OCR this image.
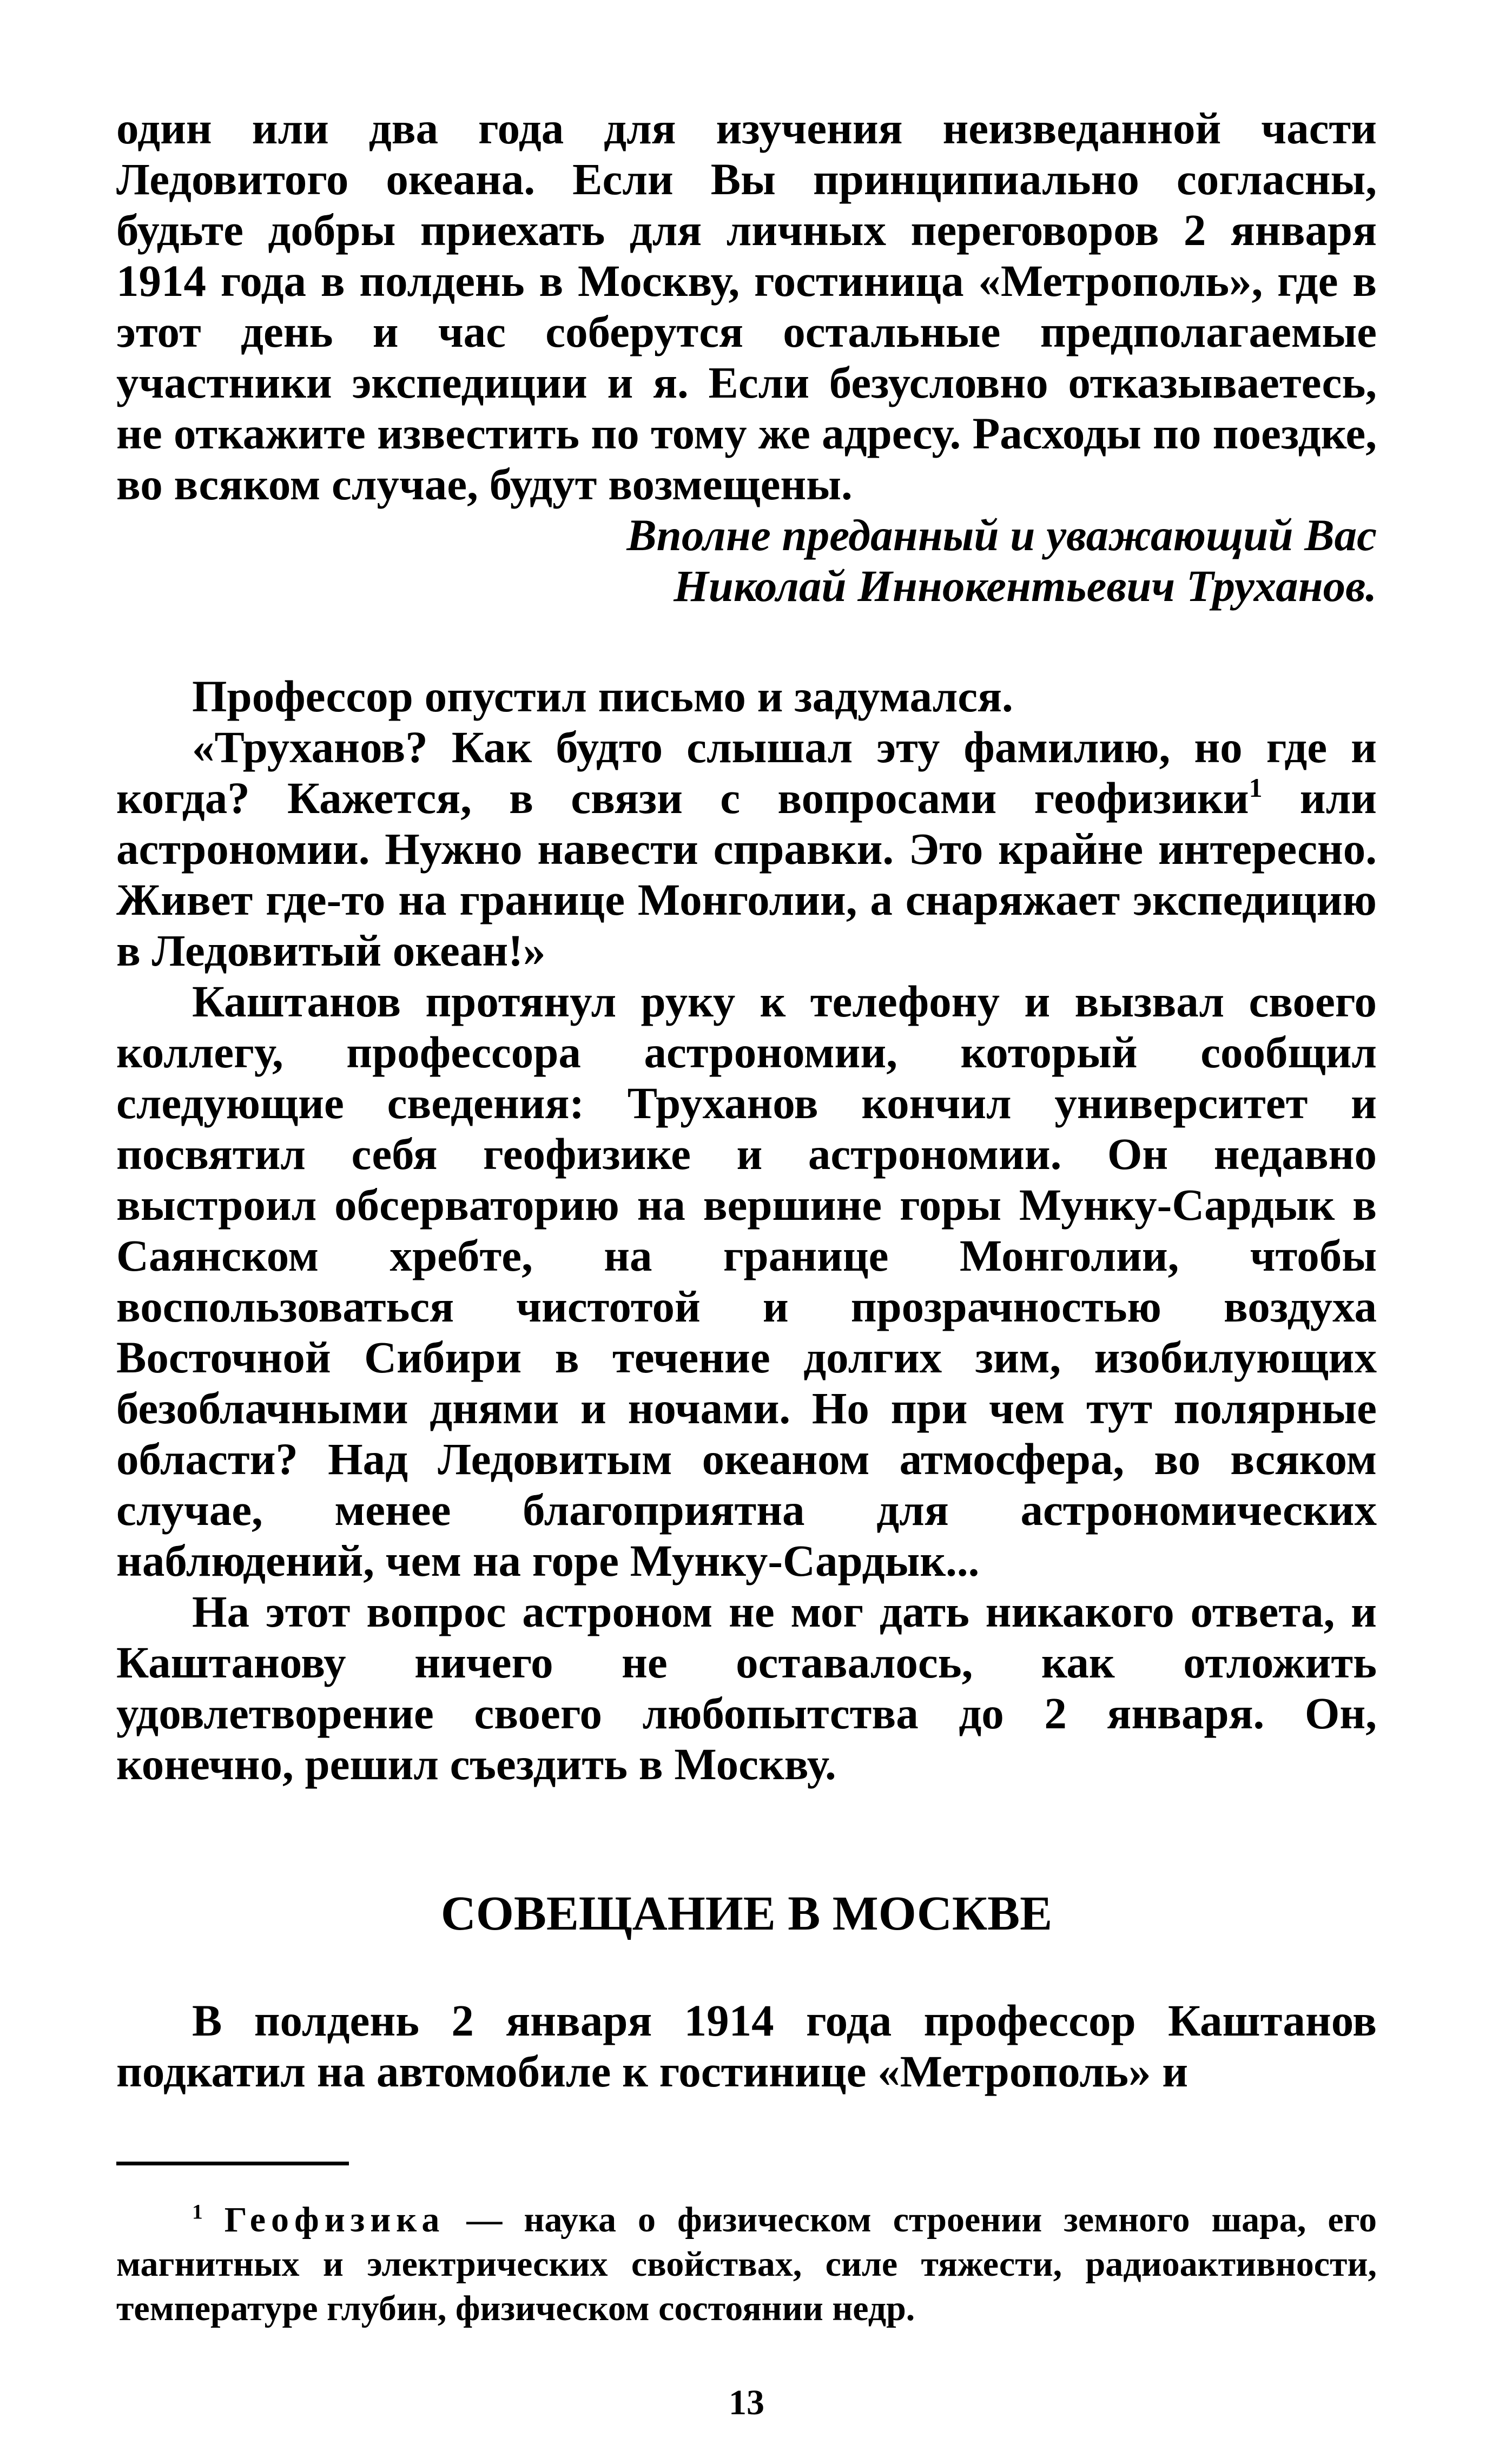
один или два года для изучения неизведанной части Ледовитого океана. Если Вы принципиально согласны, будьте добры приехать для личных переговоров 2 января 1914 года в полдень в Москву, гостиница «Метрополь», где в этот день и час соберутся остальные предполагаемые участники экспедиции и я. Если безусловно отказываетесь, не откажите известить по тому же адресу. Расходы по поездке, во всяком случае, будут возмещены.

Вполне преданный и уважающий Вас

Николай Иннокентьевич Труханов.

Профессор опустил письмо и задумался.

«Труханов? Как будто слышал эту фамилию, но где и когда? Кажется, в связи с вопросами геофизики$^1$ или астрономии. Нужно навести справки. Это крайне интересно. Живет где-то на границе Монголии, а снаряжает экспедицию в Ледовитый океан!»

Каштанов протянул руку к телефону и вызвал своего коллегу, профессора астрономии, который сообщил следующие сведения: Труханов кончил университет и посвятил себя геофизике и астрономии. Он недавно выстроил обсерваторию на вершине горы Мунку-Сардык в Саянском хребте, на границе Монголии, чтобы воспользоваться чистотой и прозрачностью воздуха Восточной Сибири в течение долгих зим, изобилующих безоблачными днями и ночами. Но при чем тут полярные области? Над Ледовитым океаном атмосфера, во всяком случае, менее благоприятна для астрономических наблюдений, чем на горе Мунку-Сардык...

На этот вопрос астроном не мог дать никакого ответа, и Каштанову ничего не оставалось, как отложить удовлетворение своего любопытства до 2 января. Он, конечно, решил съездить в Москву.

СОВЕЩАНИЕ В МОСКВЕ

В полдень 2 января 1914 года профессор Каштанов подкатил на автомобиле к гостинице «Метрополь» и

$^1$ Геофизика — наука о физическом строении земного шара, его магнитных и электрических свойствах, силе тяжести, радиоактивности, температуре глубин, физическом состоянии недр.

13
